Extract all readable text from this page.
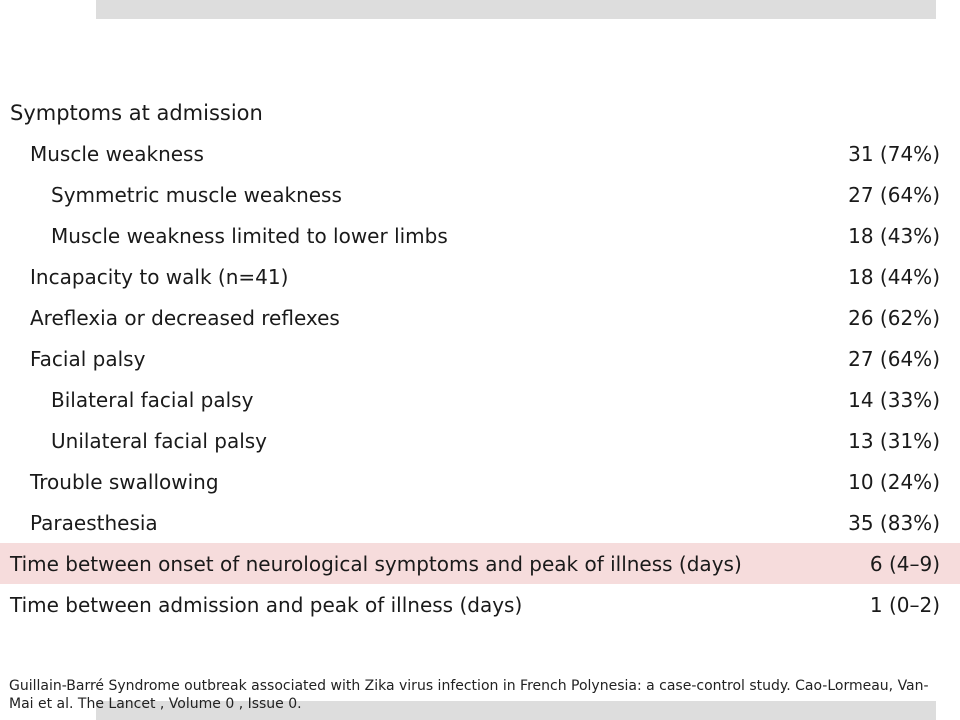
Symptoms at admission
Muscle weakness	31 (74%)
Symmetric muscle weakness	27 (64%)
Muscle weakness limited to lower limbs	18 (43%)
Incapacity to walk (n=41)	18 (44%)
Areflexia or decreased reflexes	26 (62%)
Facial palsy	27 (64%)
Bilateral facial palsy	14 (33%)
Unilateral facial palsy	13 (31%)
Trouble swallowing	10 (24%)
Paraesthesia	35 (83%)
Time between onset of neurological symptoms and peak of illness (days)	6 (4–9)
Time between admission and peak of illness (days)	1 (0–2)
Guillain-Barré Syndrome outbreak associated with Zika virus infection in French Polynesia: a case-control study. Cao-Lormeau, Van-Mai et al. The Lancet , Volume 0 , Issue 0.
